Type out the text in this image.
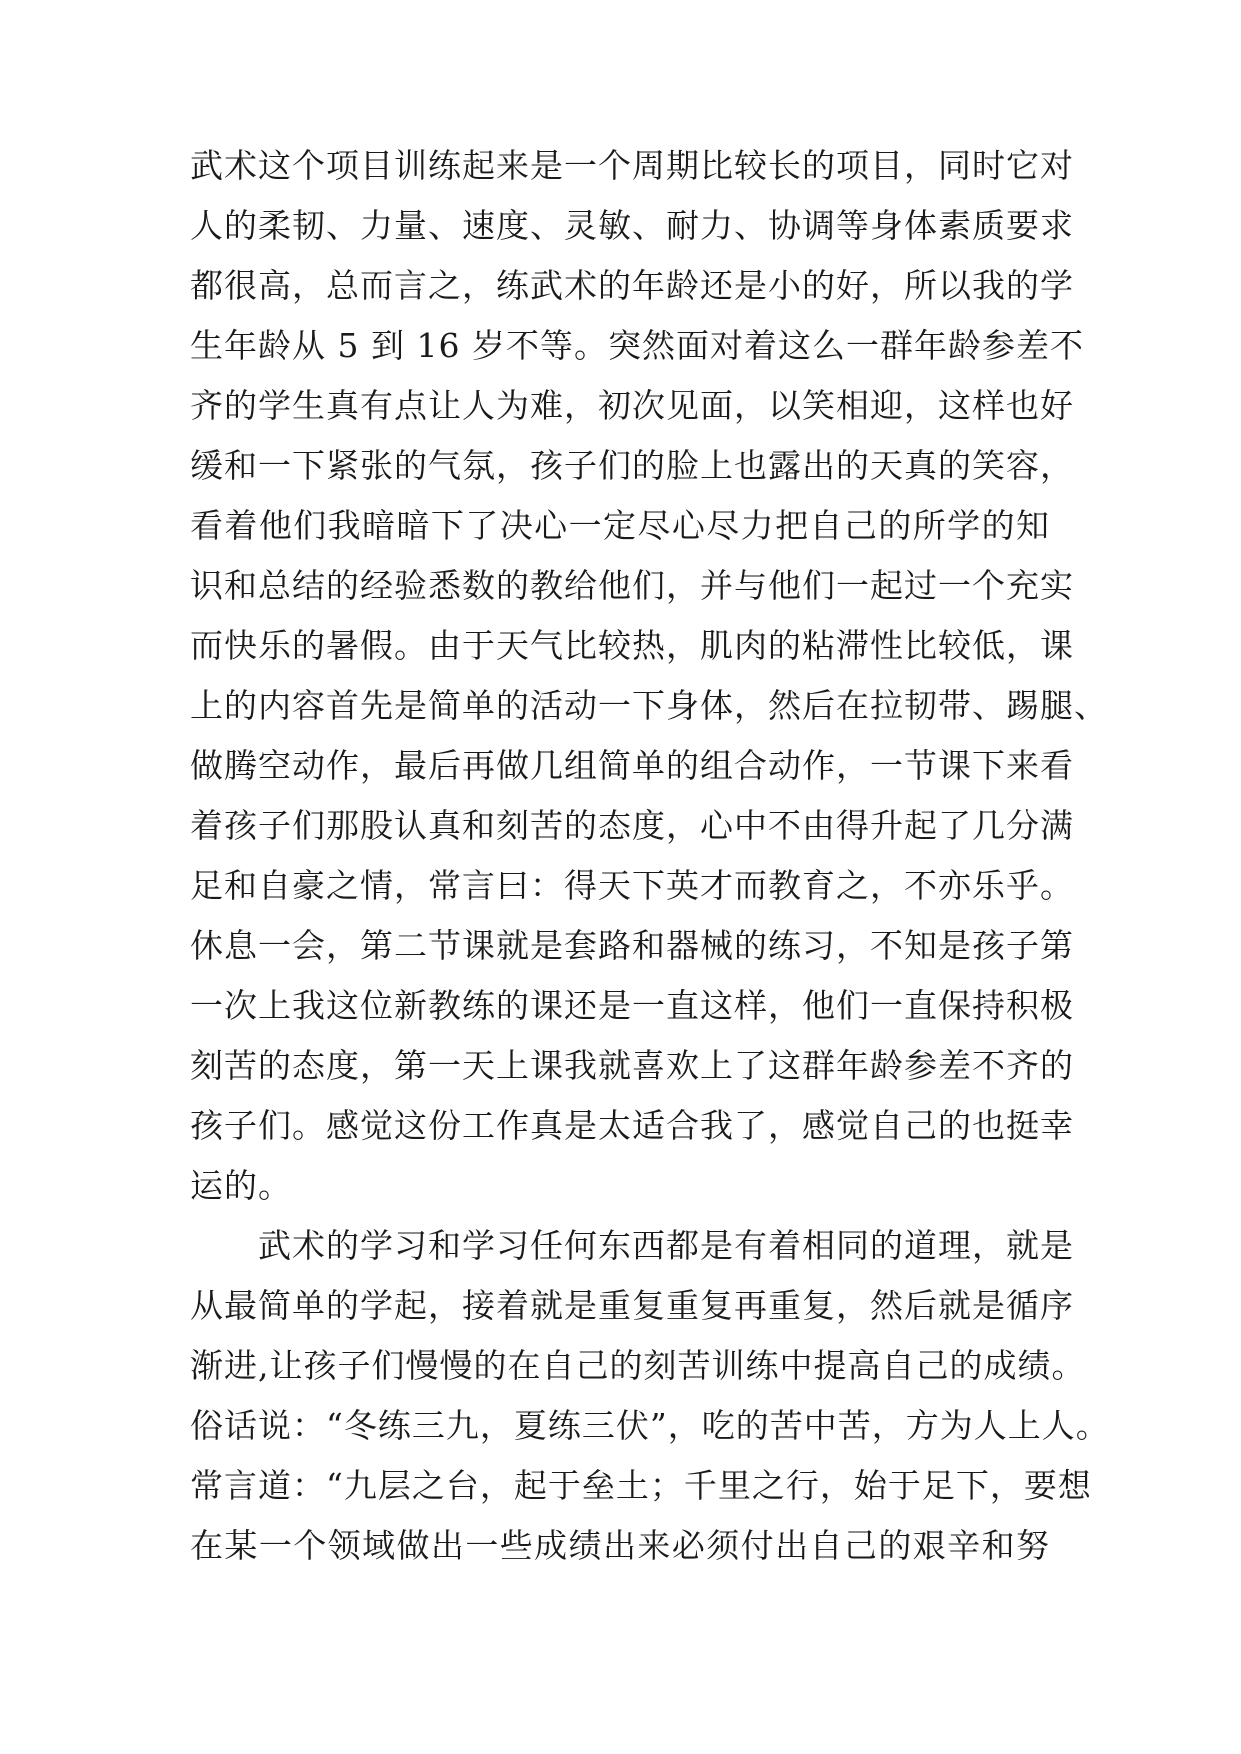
武术这个项目训练起来是一个周期比较长的项目，同时它对
人的柔韧、力量、速度、灵敏、耐力、协调等身体素质要求
都很高，总而言之，练武术的年龄还是小的好，所以我的学
生年龄从 5 到 16 岁不等。突然面对着这么一群年龄参差不
齐的学生真有点让人为难，初次见面，以笑相迎，这样也好
缓和一下紧张的气氛，孩子们的脸上也露出的天真的笑容，
看着他们我暗暗下了决心一定尽心尽力把自己的所学的知
识和总结的经验悉数的教给他们，并与他们一起过一个充实
而快乐的暑假。由于天气比较热，肌肉的粘滞性比较低，课
上的内容首先是简单的活动一下身体，然后在拉韧带、踢腿、
做腾空动作，最后再做几组简单的组合动作，一节课下来看
着孩子们那股认真和刻苦的态度，心中不由得升起了几分满
足和自豪之情，常言曰：得天下英才而教育之，不亦乐乎。
休息一会，第二节课就是套路和器械的练习，不知是孩子第
一次上我这位新教练的课还是一直这样，他们一直保持积极
刻苦的态度，第一天上课我就喜欢上了这群年龄参差不齐的
孩子们。感觉这份工作真是太适合我了，感觉自己的也挺幸
运的。
武术的学习和学习任何东西都是有着相同的道理，就是
从最简单的学起，接着就是重复重复再重复，然后就是循序
渐进,让孩子们慢慢的在自己的刻苦训练中提高自己的成绩。
俗话说：“冬练三九，夏练三伏”，吃的苦中苦，方为人上人。
常言道：“九层之台，起于垒土；千里之行，始于足下，要想
在某一个领域做出一些成绩出来必须付出自己的艰辛和努
